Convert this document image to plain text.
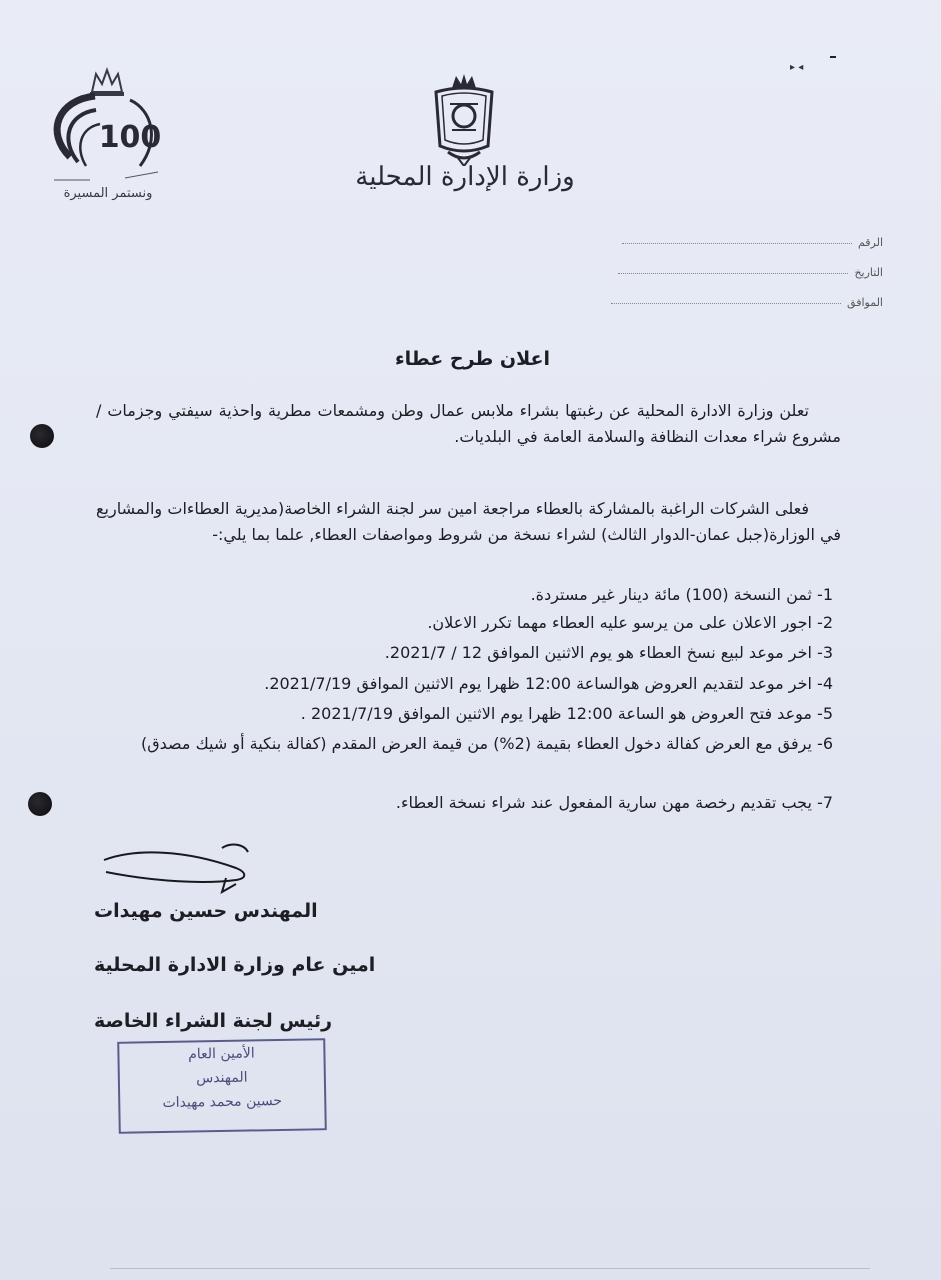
▸ ◂
100
ونستمر المسيرة
وزارة الإدارة المحلية
الرقم
التاريخ
الموافق
اعلان طرح عطاء
تعلن وزارة الادارة المحلية عن رغبتها بشراء ملابس عمال وطن ومشمعات مطرية واحذية سيفتي وجزمات / مشروع شراء معدات النظافة والسلامة العامة في البلديات.
فعلى الشركات الراغبة بالمشاركة بالعطاء مراجعة امين سر لجنة الشراء الخاصة(مديرية العطاءات والمشاريع في الوزارة(جبل عمان-الدوار الثالث) لشراء نسخة من شروط ومواصفات العطاء, علما بما يلي:-
1- ثمن النسخة (100) مائة دينار غير مستردة.
2- اجور الاعلان على من يرسو عليه العطاء مهما تكرر الاعلان.
3- اخر موعد لبيع نسخ العطاء هو يوم الاثنين الموافق 12 / 2021/7.
4- اخر موعد لتقديم العروض هوالساعة 12:00 ظهرا يوم الاثنين الموافق 2021/7/19.
5- موعد فتح العروض هو الساعة 12:00 ظهرا يوم الاثنين الموافق 2021/7/19 .
6- يرفق مع العرض كفالة دخول العطاء بقيمة (2%) من قيمة العرض المقدم (كفالة بنكية أو شيك مصدق)
7- يجب تقديم رخصة مهن سارية المفعول عند شراء نسخة العطاء.
المهندس حسين مهيدات
امين عام وزارة الادارة المحلية
رئيس لجنة الشراء الخاصة
الأمين العام
المهندس
حسين محمد مهيدات
